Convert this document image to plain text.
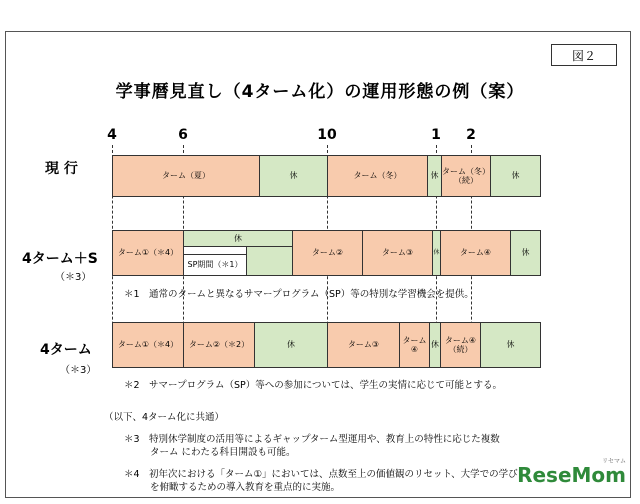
図２
学事暦見直し（4ターム化）の運用形態の例（案）
4	6	10	1 2
現 行	ターム（夏）	休	ターム（冬）	休
ターム（冬）
（続）
休
4ターム＋S
（＊3）
ターム①（＊4）
休
SP期間（＊1）
ターム②	ターム③	休	ターム④	休
＊1　通常のタームと異なるサマープログラム（SP）等の特別な学習機会を提供。
4ターム
（＊3）
ターム①（＊4）	ターム②（＊2）	休	ターム③
ターム
④
休
ターム④
（続）
休
＊2　サマープログラム（SP）等への参加については、学生の実情に応じて可能とする。
（以下、4ターム化に共通）
＊3　特別休学制度の活用等によるギャップターム型運用や、教育上の特性に応じた複数
ターム にわたる科目開設も可能。
＊4　初年次における「ターム①」においては、点数至上の価値観のリセット、大学での学び
を俯瞰するための導入教育を重点的に実施。
リセマム
ReseMom
